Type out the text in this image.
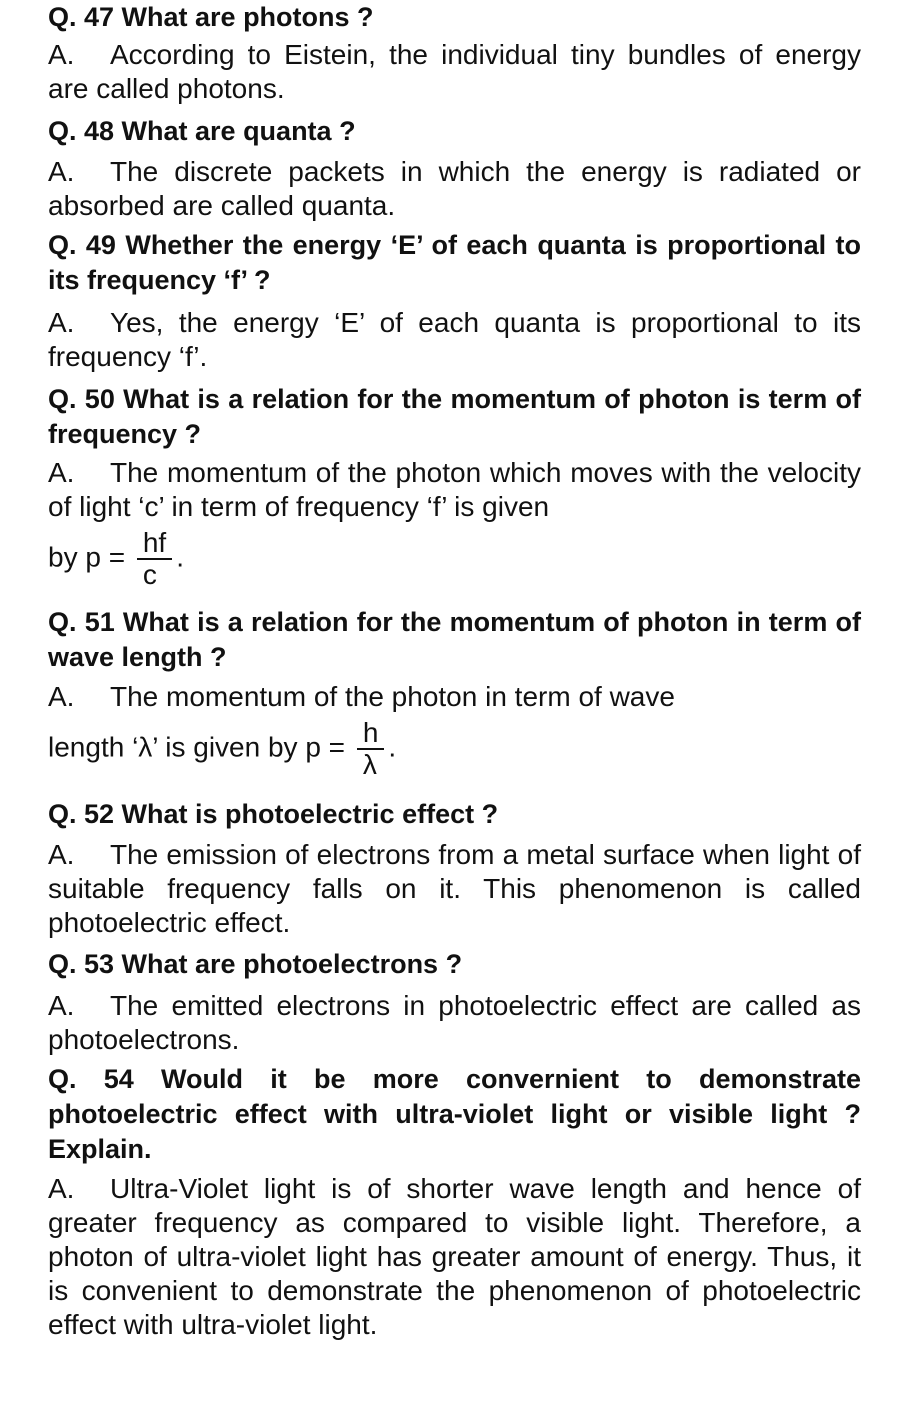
Q. 47 What are photons ?
A. According to Eistein, the individual tiny bundles of energy are called photons.
Q. 48 What are quanta ?
A. The discrete packets in which the energy is radiated or absorbed are called quanta.
Q. 49 Whether the energy ‘E’ of each quanta is proportional to its frequency ‘f’ ?
A. Yes, the energy ‘E’ of each quanta is proportional to its frequency ‘f’.
Q. 50 What is a relation for the momentum of photon is term of frequency ?
A. The momentum of the photon which moves with the velocity of light ‘c’ in term of frequency ‘f’ is given
by $p = \frac{hf}{c}$ .
Q. 51 What is a relation for the momentum of photon in term of wave length ?
A. The momentum of the photon in term of wave
length ‘λ’ is given by $p = \frac{h}{\lambda}$ .
Q. 52 What is photoelectric effect ?
A. The emission of electrons from a metal surface when light of suitable frequency falls on it. This phenomenon is called photoelectric effect.
Q. 53 What are photoelectrons ?
A. The emitted electrons in photoelectric effect are called as photoelectrons.
Q. 54 Would it be more convernient to demonstrate photoelectric effect with ultra-violet light or visible light ? Explain.
A. Ultra-Violet light is of shorter wave length and hence of greater frequency as compared to visible light. Therefore, a photon of ultra-violet light has greater amount of energy. Thus, it is convenient to demonstrate the phenomenon of photoelectric effect with ultra-violet light.
